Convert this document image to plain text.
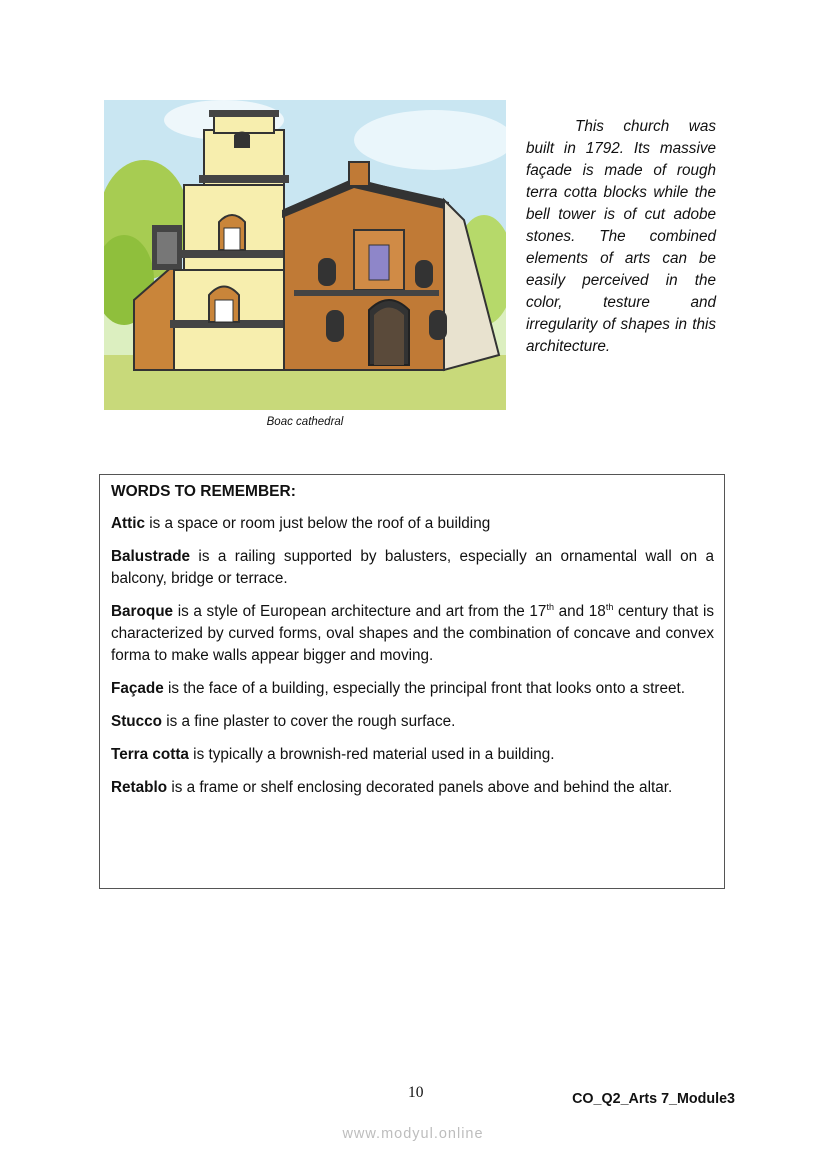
Boac cathedral
This church was built in 1792. Its massive façade is made of rough terra cotta blocks while the bell tower is of cut adobe stones. The combined elements of arts can be easily perceived in the color, testure and irregularity of shapes in this architecture.
WORDS TO REMEMBER:
Attic is a space or room just below the roof of a building
Balustrade is a railing supported by balusters, especially an ornamental wall on a balcony, bridge or terrace.
Baroque is a style of European architecture and art from the 17th and 18th century that is characterized by curved forms, oval shapes and the combination of concave and convex forma to make walls appear bigger and moving.
Façade is the face of a building, especially the principal front that looks onto a street.
Stucco is a fine plaster to cover the rough surface.
Terra cotta is typically a brownish-red material used in a building.
Retablo is a frame or shelf enclosing decorated panels above and behind the altar.
10	CO_Q2_Arts 7_Module3
www.modyul.online
